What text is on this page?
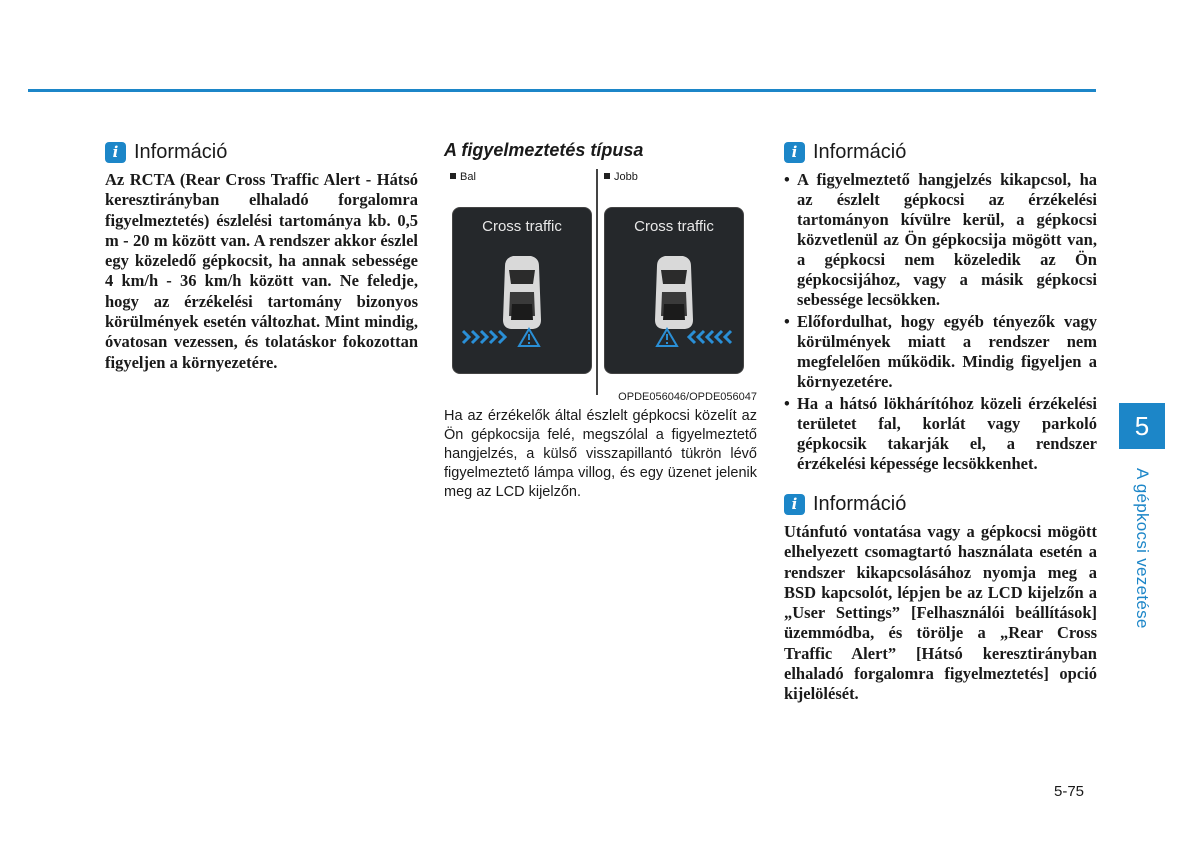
i Információ

Az RCTA (Rear Cross Traffic Alert - Hátsó keresztirányban elhaladó forgalomra figyelmeztetés) észlelési tartománya kb. 0,5 m - 20 m között van. A rendszer akkor észlel egy közeledő gépkocsit, ha annak sebessége 4 km/h - 36 km/h között van. Ne feledje, hogy az érzékelési tartomány bizonyos körülmények esetén változhat. Mint mindig, óvatosan vezessen, és tolatáskor fokozottan figyeljen a környezetére.

A figyelmeztetés típusa
Bal	Jobb
Cross traffic	Cross traffic
OPDE056046/OPDE056047

Ha az érzékelők által észlelt gépkocsi közelít az Ön gépkocsija felé, megszólal a figyelmeztető hangjelzés, a külső visszapillantó tükrön lévő figyelmeztető lámpa villog, és egy üzenet jelenik meg az LCD kijelzőn.

i Információ
• A figyelmeztető hangjelzés kikapcsol, ha az észlelt gépkocsi az érzékelési tartományon kívülre kerül, a gépkocsi közvetlenül az Ön gépkocsija mögött van, a gépkocsi nem közeledik az Ön gépkocsijához, vagy a másik gépkocsi sebessége lecsökken.
• Előfordulhat, hogy egyéb tényezők vagy körülmények miatt a rendszer nem megfelelően működik. Mindig figyeljen a környezetére.
• Ha a hátsó lökhárítóhoz közeli érzékelési területet fal, korlát vagy parkoló gépkocsik takarják el, a rendszer érzékelési képessége lecsökkenhet.
i Információ

Utánfutó vontatása vagy a gépkocsi mögött elhelyezett csomagtartó használata esetén a rendszer kikapcsolásához nyomja meg a BSD kapcsolót, lépjen be az LCD kijelzőn a „User Settings” [Felhasználói beállítások] üzemmódba, és törölje a „Rear Cross Traffic Alert” [Hátsó keresztirányban elhaladó forgalomra figyelmeztetés] opció kijelölését.

5
A gépkocsi vezetése
5-75
